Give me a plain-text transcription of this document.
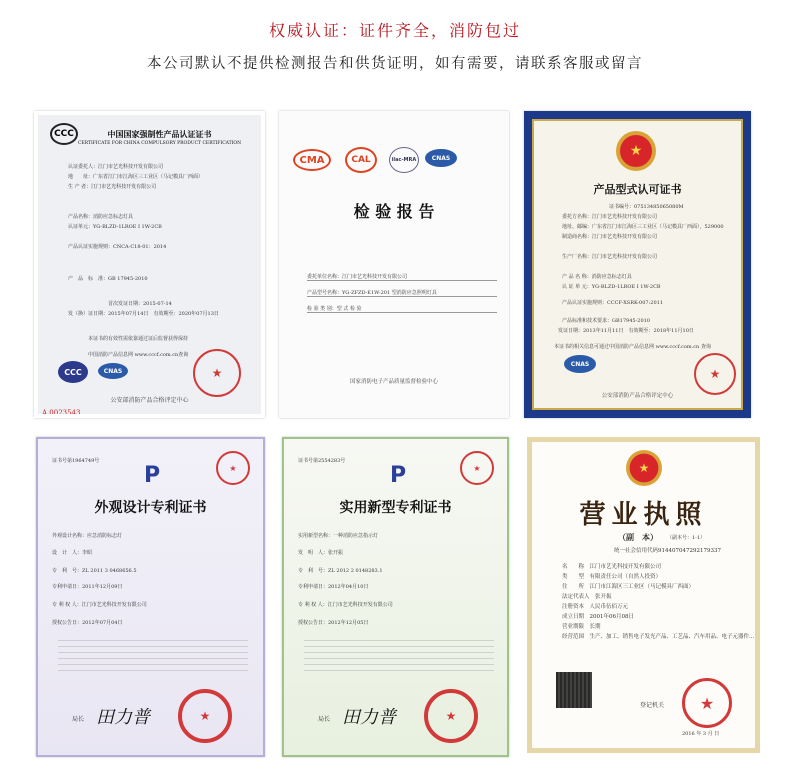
权威认证：证件齐全，消防包过
本公司默认不提供检测报告和供货证明，如有需要，请联系客服或留言
CCC	中国国家强制性产品认证证书
CERTIFICATE FOR CHINA COMPULSORY PRODUCT CERTIFICATION
认证委托人：江门市艺光科技开发有限公司
地　　址：广东省江门市江海区三工业区（马记模具厂西面）
生 产 者：江门市艺光科技开发有限公司
产品名称：消防应急标志灯具
认证单元：YG-BLZD-1LROE I 1W-2CB
产品认证实施规则：CNCA-C18-01：2014
产　品　标　准：GB 17945-2010
首次发证日期：2015-07-14
发（换）证日期：2015年07月14日　有效期至：2020年07月13日
本证书的有效性需依靠通过证后监督获得保持
中国消防产品信息网 www.cccf.com.cn查询
CCC	CNAS	★
公安部消防产品合格评定中心
A 0023543
CMA	CAL	ilac-MRA	CNAS
检 验 报 告
委托单位名称：江门市艺光科技开发有限公司
产品型号名称：YG-ZFZD-E1W-201 型消防应急照明灯具
检 验 类 别：型 式 检 验
国家消防电子产品质量监督检验中心
★
产品型式认可证书
证书编号：07513485065080M
委托方名称：江门市艺光科技开发有限公司
地址、邮编：广东省江门市江海区三工业区（马记模具厂西面），529000
制造商名称：江门市艺光科技开发有限公司
生产厂名称：江门市艺光科技开发有限公司
产 品 名 称：消防应急标志灯具
认 证 单 元：YG-BLZD-1LROE I 1W-2CB
产品认证实施规则：CCCF-XSRK-007:2011
产品标准和技术要求：GB17945-2010
发证日期：2013年11月11日　有效期至：2018年11月10日
本证书的相关信息可通过中国消防产品信息网 www.cccf.com.cn 查询
CNAS
★
公安部消防产品合格评定中心
证书号第1964749号
P	★
外观设计专利证书
外观设计名称：应急消防标志灯
设　计　人：李昭
专　利　号：ZL 2011 3 0468656.5
专利申请日：2011年12月09日
专 利 权 人：江门市艺光科技开发有限公司
授权公告日：2012年07月04日
局长 田力普	★
证书号第2554283号
P	★
实用新型专利证书
实用新型名称：一种消防应急指示灯
发　明　人：张开振
专　利　号：ZL 2012 2 0148283.1
专利申请日：2012年04月10日
专 利 权 人：江门市艺光科技开发有限公司
授权公告日：2012年12月05日
局长 田力普	★
★
营业执照
（副　本） （副本号：1-1）
统一社会信用代码914407047292179337
名　　称　江门市艺光科技开发有限公司
类　　型　有限责任公司（自然人投资）
住　　所　江门市江海区三工业区（马记模具厂西面）
法定代表人　张开振
注册资本　人民币伍佰万元
成立日期　2001年06月08日
营业期限　长期
经营范围　生产、加工、销售电子发光产品、工艺品、汽车用品、电子元器件...
登记机关	★
2016 年 3 月 日
